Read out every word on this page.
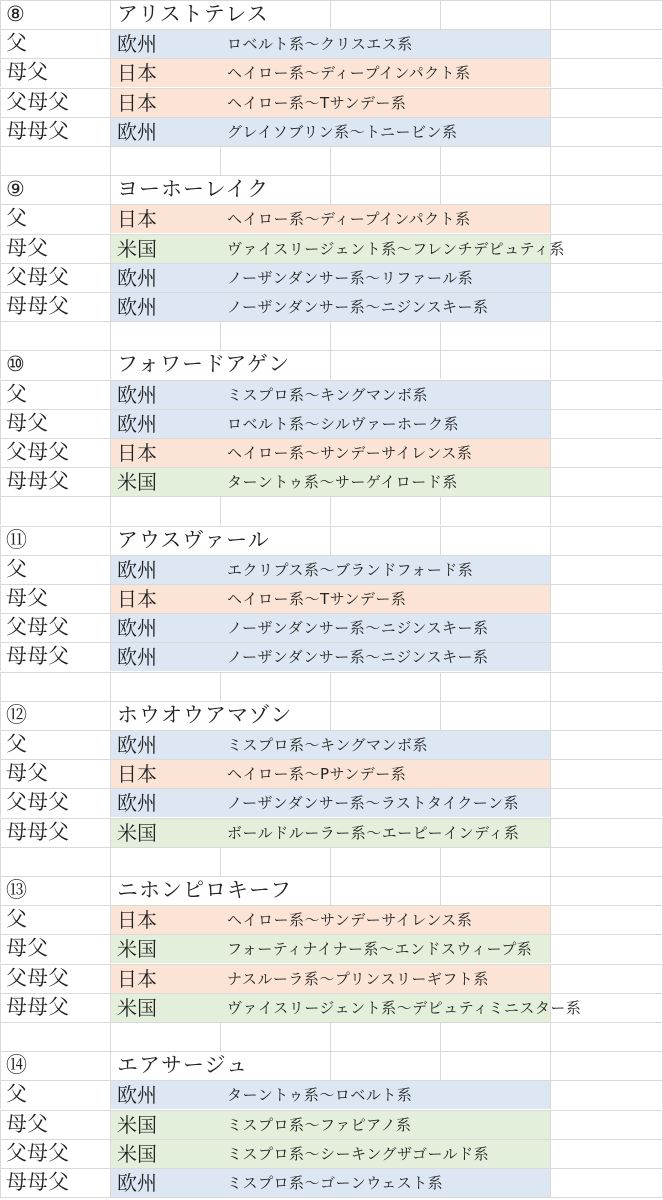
⑧	アリストテレス
父	欧州	ロベルト系～クリスエス系
母父	日本	ヘイロー系～ディープインパクト系
父母父 日本	ヘイロー系～Tサンデー系
母母父 欧州	グレイソブリン系～トニービン系
⑨	ヨーホーレイク
父	日本	ヘイロー系～ディープインパクト系
母父	米国	ヴァイスリージェント系～フレンチデピュティ系
父母父 欧州	ノーザンダンサー系～リファール系
母母父 欧州	ノーザンダンサー系～ニジンスキー系
⑩	フォワードアゲン
父	欧州	ミスプロ系～キングマンボ系
母父	欧州	ロベルト系～シルヴァーホーク系
父母父 日本	ヘイロー系～サンデーサイレンス系
母母父 米国	ターントゥ系～サーゲイロード系
⑪	アウスヴァール
父	欧州	エクリプス系～ブランドフォード系
母父	日本	ヘイロー系～Tサンデー系
父母父 欧州	ノーザンダンサー系～ニジンスキー系
母母父 欧州	ノーザンダンサー系～ニジンスキー系
⑫	ホウオウアマゾン
父	欧州	ミスプロ系～キングマンボ系
母父	日本	ヘイロー系～Pサンデー系
父母父 欧州	ノーザンダンサー系～ラストタイクーン系
母母父 米国	ボールドルーラー系～エーピーインディ系
⑬	ニホンピロキーフ
父	日本	ヘイロー系～サンデーサイレンス系
母父	米国	フォーティナイナー系～エンドスウィープ系
父母父 日本	ナスルーラ系～プリンスリーギフト系
母母父 米国	ヴァイスリージェント系～デピュティミニスター系
⑭	エアサージュ
父	欧州	ターントゥ系～ロベルト系
母父	米国	ミスプロ系～ファピアノ系
父母父 米国	ミスプロ系～シーキングザゴールド系
母母父 欧州	ミスプロ系～ゴーンウェスト系
